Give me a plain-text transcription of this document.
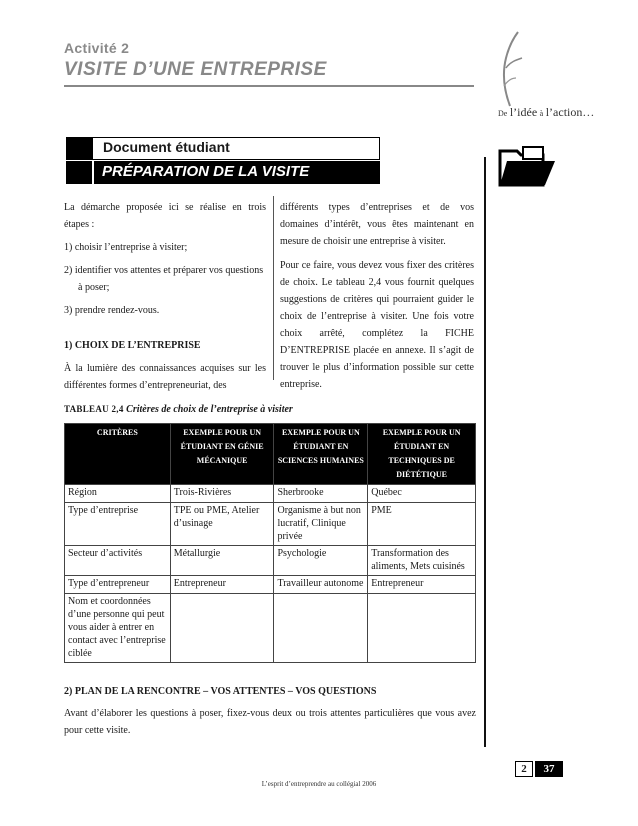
Activité 2
VISITE D’UNE ENTREPRISE
De l’idée à l’action…
Document étudiant
PRÉPARATION DE LA VISITE

La démarche proposée ici se réalise en trois étapes :

1) choisir l’entreprise à visiter;
2) identifier vos attentes et préparer vos questions à poser;
3) prendre rendez-vous.
1) CHOIX DE L’ENTREPRISE

À la lumière des connaissances acquises sur les différentes formes d’entrepreneuriat, des

différents types d’entreprises et de vos domaines d’intérêt, vous êtes maintenant en mesure de choisir une entreprise à visiter.

Pour ce faire, vous devez vous fixer des critères de choix. Le tableau 2,4 vous fournit quelques suggestions de critères qui pourraient guider le choix de l’entreprise à visiter. Une fois votre choix arrêté, complétez la FICHE D’ENTREPRISE placée en annexe. Il s’agit de trouver le plus d’information possible sur cette entreprise.

TABLEAU 2,4 Critères de choix de l’entreprise à visiter
CRITÈRES	EXEMPLE POUR UN ÉTUDIANT EN GÉNIE MÉCANIQUE	EXEMPLE POUR UN ÉTUDIANT EN SCIENCES HUMAINES	EXEMPLE POUR UN ÉTUDIANT EN TECHNIQUES DE DIÉTÉTIQUE
Région	Trois-Rivières	Sherbrooke	Québec
Type d’entreprise	TPE ou PME, Atelier d’usinage	Organisme à but non lucratif, Clinique privée	PME
Secteur d’activités	Métallurgie	Psychologie	Transformation des aliments, Mets cuisinés
Type d’entrepreneur	Entrepreneur	Travailleur autonome	Entrepreneur
Nom et coordonnées d’une personne qui peut vous aider à entrer en contact avec l’entreprise ciblée			
2) PLAN DE LA RENCONTRE – VOS ATTENTES – VOS QUESTIONS
Avant d’élaborer les questions à poser, fixez-vous deux ou trois attentes particulières que vous avez pour cette visite.
2 37
L’esprit d’entreprendre au collégial 2006
